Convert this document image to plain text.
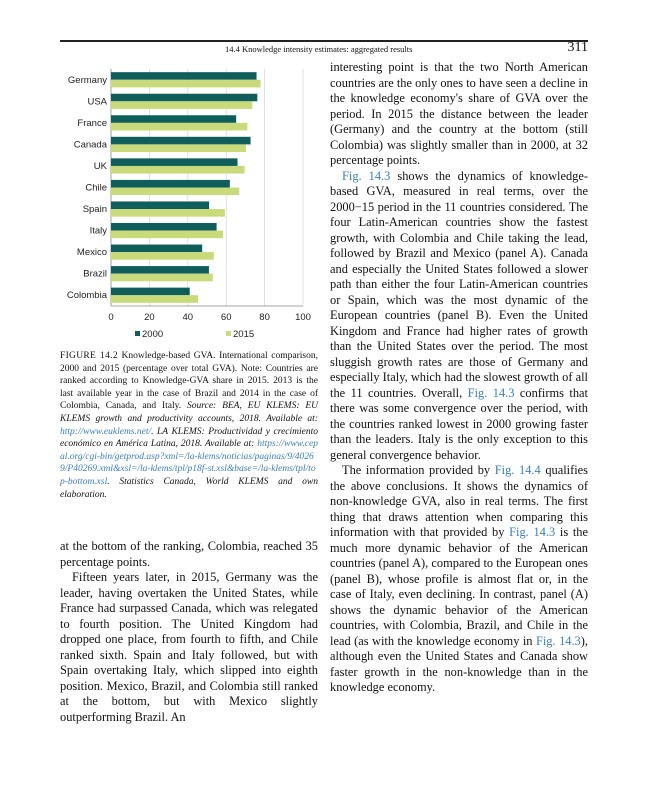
14.4 Knowledge intensity estimates: aggregated results	311
0	20	40	60	80	100
Germany
USA
France
Canada
UK
Chile
Spain
Italy
Mexico
Brazil
Colombia
2000	2015
FIGURE 14.2 Knowledge-based GVA. International comparison, 2000 and 2015 (percentage over total GVA). Note: Countries are ranked according to Knowledge-GVA share in 2015. 2013 is the last available year in the case of Brazil and 2014 in the case of Colombia, Canada, and Italy. Source: BEA, EU KLEMS: EU KLEMS growth and productivity accounts, 2018. Available at: http://www.euklems.net/. LA KLEMS: Productividad y crecimiento económico en América Latina, 2018. Available at: https://www.cepal.org/cgi-bin/getprod.asp?xml=/la-klems/noticias/paginas/9/40269/P40269.xml&xsl=/la-klems/tpl/p18f-st.xsl&base=/la-klems/tpl/top-bottom.xsl. Statistics Canada, World KLEMS and own elaboration.

at the bottom of the ranking, Colombia, reached 35 percentage points.

Fifteen years later, in 2015, Germany was the leader, having overtaken the United States, while France had surpassed Canada, which was relegated to fourth position. The United Kingdom had dropped one place, from fourth to fifth, and Chile ranked sixth. Spain and Italy followed, but with Spain overtaking Italy, which slipped into eighth position. Mexico, Brazil, and Colombia still ranked at the bottom, but with Mexico slightly outperforming Brazil. An

interesting point is that the two North American countries are the only ones to have seen a decline in the knowledge economy's share of GVA over the period. In 2015 the distance between the leader (Germany) and the country at the bottom (still Colombia) was slightly smaller than in 2000, at 32 percentage points.

Fig. 14.3 shows the dynamics of knowledge-based GVA, measured in real terms, over the 2000−15 period in the 11 countries considered. The four Latin-American countries show the fastest growth, with Colombia and Chile taking the lead, followed by Brazil and Mexico (panel A). Canada and especially the United States followed a slower path than either the four Latin-American countries or Spain, which was the most dynamic of the European countries (panel B). Even the United Kingdom and France had higher rates of growth than the United States over the period. The most sluggish growth rates are those of Germany and especially Italy, which had the slowest growth of all the 11 countries. Overall, Fig. 14.3 confirms that there was some convergence over the period, with the countries ranked lowest in 2000 growing faster than the leaders. Italy is the only exception to this general convergence behavior.

The information provided by Fig. 14.4 qualifies the above conclusions. It shows the dynamics of non-knowledge GVA, also in real terms. The first thing that draws attention when comparing this information with that provided by Fig. 14.3 is the much more dynamic behavior of the American countries (panel A), compared to the European ones (panel B), whose profile is almost flat or, in the case of Italy, even declining. In contrast, panel (A) shows the dynamic behavior of the American countries, with Colombia, Brazil, and Chile in the lead (as with the knowledge economy in Fig. 14.3), although even the United States and Canada show faster growth in the non-knowledge than in the knowledge economy.
